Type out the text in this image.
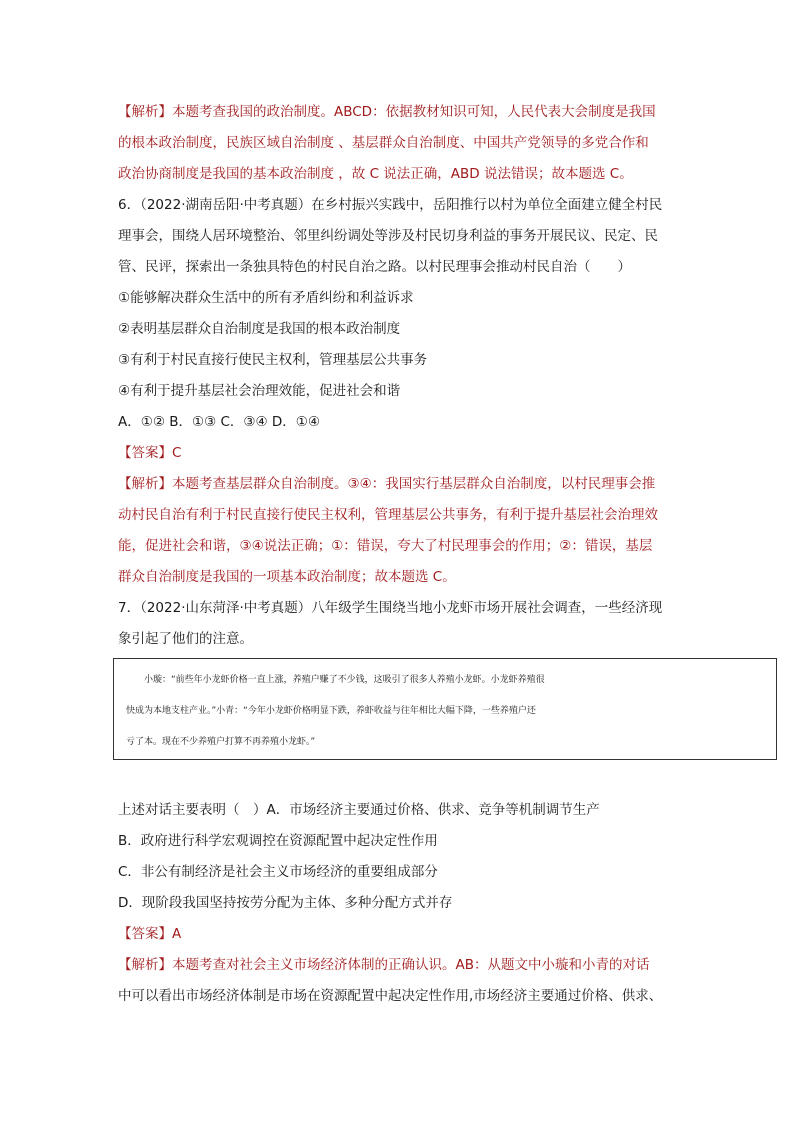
【解析】本题考查我国的政治制度。ABCD：依据教材知识可知，人民代表大会制度是我国
的根本政治制度，民族区域自治制度 、基层群众自治制度、中国共产党领导的多党合作和
政治协商制度是我国的基本政治制度 ，故 C 说法正确，ABD 说法错误；故本题选 C。
6．（2022·湖南岳阳·中考真题）在乡村振兴实践中，岳阳推行以村为单位全面建立健全村民
理事会，围绕人居环境整治、邻里纠纷调处等涉及村民切身利益的事务开展民议、民定、民
管、民评，探索出一条独具特色的村民自治之路。以村民理事会推动村民自治（　　）
①能够解决群众生活中的所有矛盾纠纷和利益诉求
②表明基层群众自治制度是我国的根本政治制度
③有利于村民直接行使民主权利，管理基层公共事务
④有利于提升基层社会治理效能，促进社会和谐
A．①② B．①③ C．③④ D．①④
【答案】C
【解析】本题考查基层群众自治制度。③④：我国实行基层群众自治制度，以村民理事会推
动村民自治有利于村民直接行使民主权利，管理基层公共事务，有利于提升基层社会治理效
能，促进社会和谐，③④说法正确；①：错误，夸大了村民理事会的作用；②：错误，基层
群众自治制度是我国的一项基本政治制度；故本题选 C。
7．（2022·山东菏泽·中考真题）八年级学生围绕当地小龙虾市场开展社会调查，一些经济现
象引起了他们的注意。
小璇：“前些年小龙虾价格一直上涨，养殖户赚了不少钱，这吸引了很多人养殖小龙虾。小龙虾养殖很
快成为本地支柱产业。”小青：“今年小龙虾价格明显下跌，养虾收益与往年相比大幅下降，一些养殖户还
亏了本。现在不少养殖户打算不再养殖小龙虾。”
上述对话主要表明（　）A．市场经济主要通过价格、供求、竞争等机制调节生产
B．政府进行科学宏观调控在资源配置中起决定性作用
C．非公有制经济是社会主义市场经济的重要组成部分
D．现阶段我国坚持按劳分配为主体、多种分配方式并存
【答案】A
【解析】本题考查对社会主义市场经济体制的正确认识。AB：从题文中小璇和小青的对话
中可以看出市场经济体制是市场在资源配置中起决定性作用,市场经济主要通过价格、供求、
